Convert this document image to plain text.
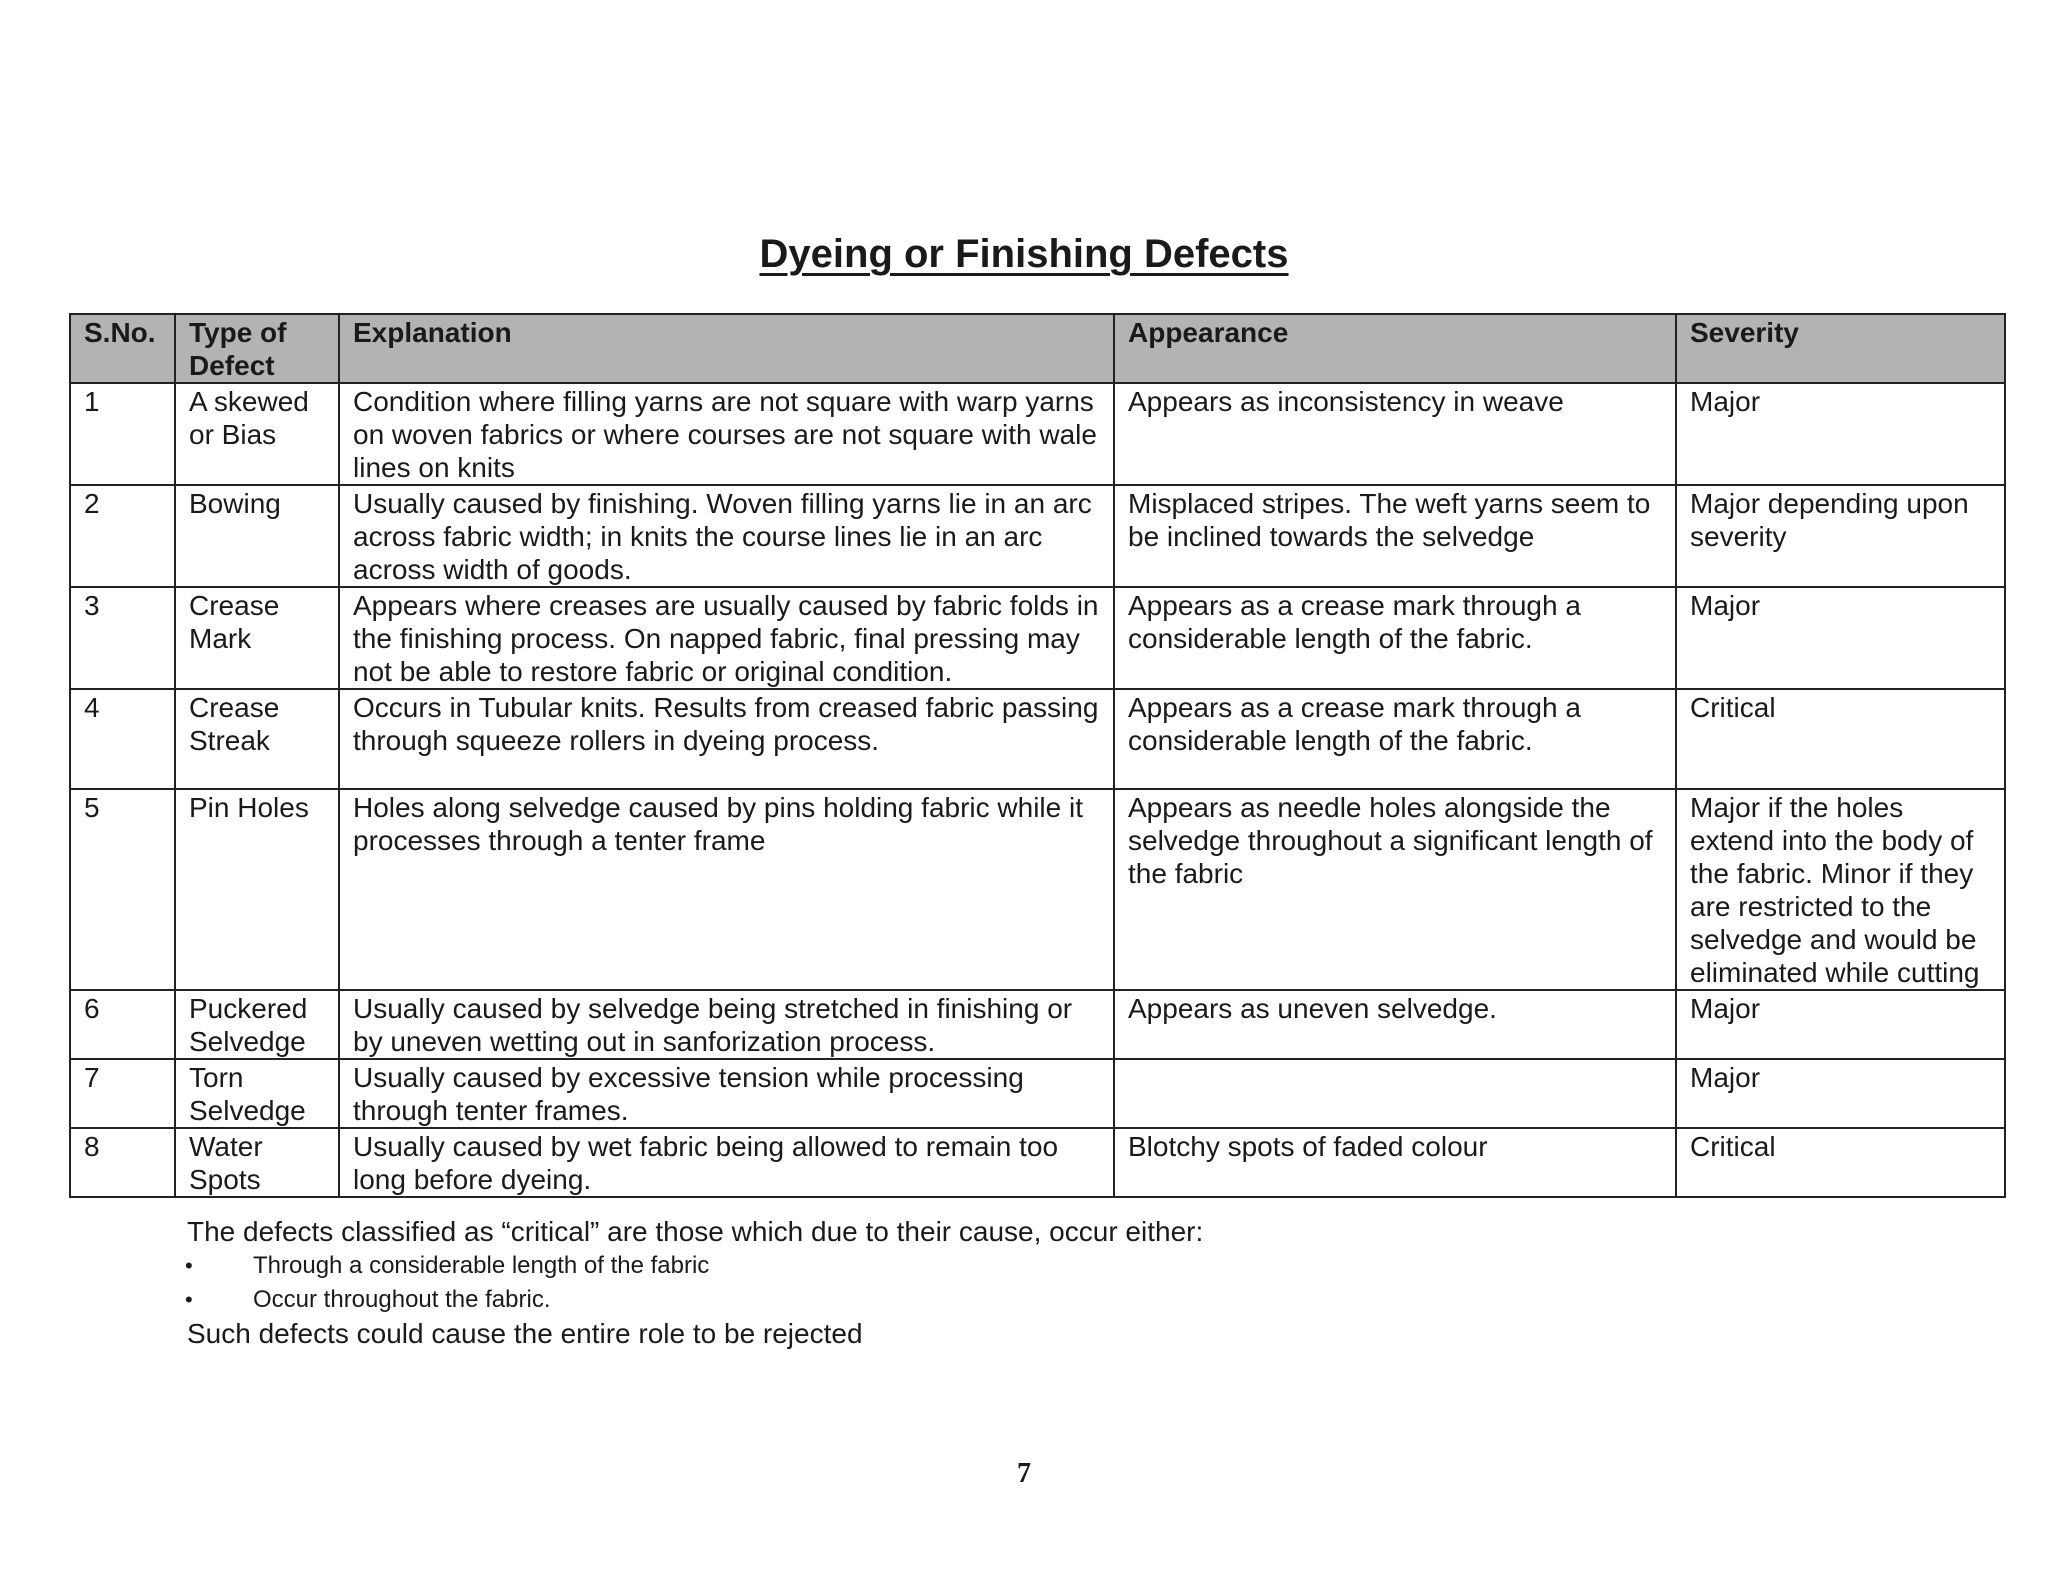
Dyeing or Finishing Defects
S.No.	Type of Defect	Explanation	Appearance	Severity
1	A skewed or Bias	Condition where filling yarns are not square with warp yarns on woven fabrics or where courses are not square with wale lines on knits	Appears as inconsistency in weave	Major
2	Bowing	Usually caused by finishing. Woven filling yarns lie in an arc across fabric width; in knits the course lines lie in an arc across width of goods.	Misplaced stripes. The weft yarns seem to be inclined towards the selvedge	Major depending upon severity
3	Crease Mark	Appears where creases are usually caused by fabric folds in the finishing process. On napped fabric, final pressing may not be able to restore fabric or original condition.	Appears as a crease mark through a considerable length of the fabric.	Major
4	Crease Streak	Occurs in Tubular knits. Results from creased fabric passing through squeeze rollers in dyeing process.	Appears as a crease mark through a considerable length of the fabric.	Critical
5	Pin Holes	Holes along selvedge caused by pins holding fabric while it processes through a tenter frame	Appears as needle holes alongside the selvedge throughout a significant length of the fabric	Major if the holes extend into the body of the fabric. Minor if they are restricted to the selvedge and would be eliminated while cutting
6	Puckered Selvedge	Usually caused by selvedge being stretched in finishing or by uneven wetting out in sanforization process.	Appears as uneven selvedge.	Major
7	Torn Selvedge	Usually caused by excessive tension while processing through tenter frames.		Major
8	Water Spots	Usually caused by wet fabric being allowed to remain too long before dyeing.	Blotchy spots of faded colour	Critical
The defects classified as “critical” are those which due to their cause, occur either:
•	Through a considerable length of the fabric
•	Occur throughout the fabric.
Such defects could cause the entire role to be rejected
7
